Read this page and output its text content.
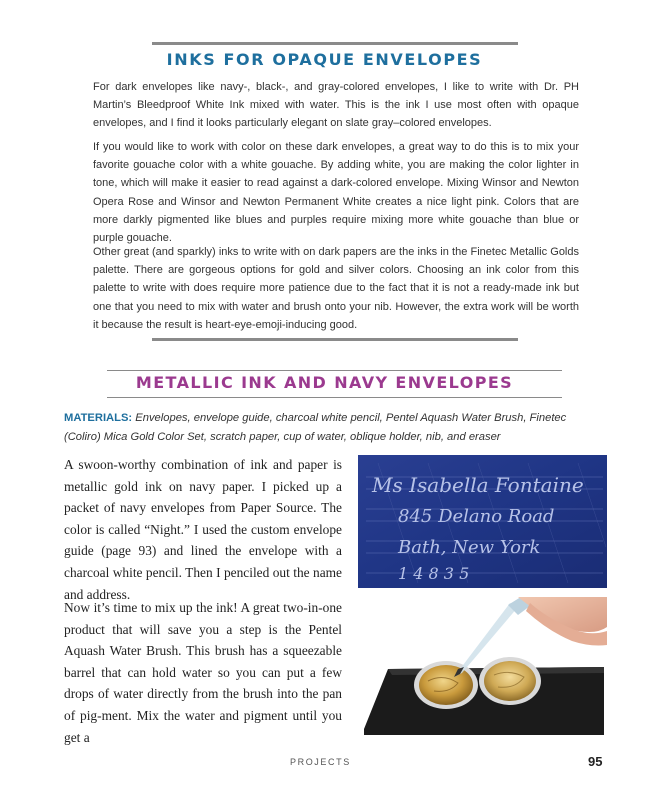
INKS FOR OPAQUE ENVELOPES

For dark envelopes like navy-, black-, and gray-colored envelopes, I like to write with Dr. PH Martin’s Bleedproof White Ink mixed with water. This is the ink I use most often with opaque envelopes, and I find it looks particularly elegant on slate gray–colored envelopes.

If you would like to work with color on these dark envelopes, a great way to do this is to mix your favorite gouache color with a white gouache. By adding white, you are making the color lighter in tone, which will make it easier to read against a dark-colored envelope. Mixing Winsor and Newton Opera Rose and Winsor and Newton Permanent White creates a nice light pink. Colors that are more darkly pigmented like blues and purples require mixing more white gouache than blue or purple gouache.

Other great (and sparkly) inks to write with on dark papers are the inks in the Finetec Metallic Golds palette. There are gorgeous options for gold and silver colors. Choosing an ink color from this palette to write with does require more patience due to the fact that it is not a ready-made ink but one that you need to mix with water and brush onto your nib. However, the extra work will be worth it because the result is heart-eye-emoji-inducing good.

METALLIC INK AND NAVY ENVELOPES

MATERIALS: Envelopes, envelope guide, charcoal white pencil, Pentel Aquash Water Brush, Finetec (Coliro) Mica Gold Color Set, scratch paper, cup of water, oblique holder, nib, and eraser

A swoon-worthy combination of ink and paper is metallic gold ink on navy paper. I picked up a packet of navy envelopes from Paper Source. The color is called “Night.” I used the custom envelope guide (page 93) and lined the envelope with a charcoal white pencil. Then I penciled out the name and address.

Now it’s time to mix up the ink! A great two-in-one product that will save you a step is the Pentel Aquash Water Brush. This brush has a squeezable barrel that can hold water so you can put a few drops of water directly from the brush into the pan of pig-ment. Mix the water and pigment until you get a

Ms Isabella Fontaine
845 Delano Road
Bath, New York
1 4 8 3 5
PROJECTS	95
